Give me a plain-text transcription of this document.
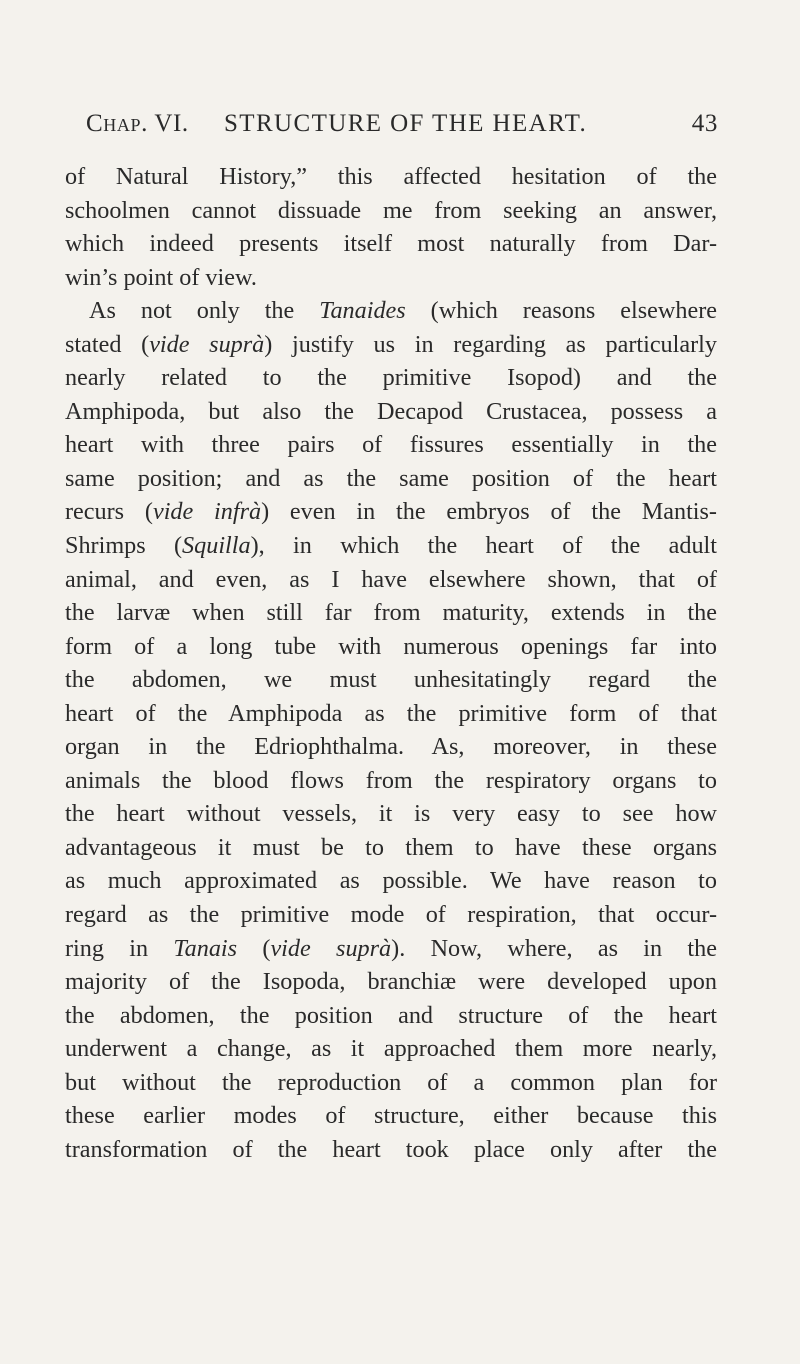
Chap. VI. STRUCTURE OF THE HEART.	43
of Natural History,” this affected hesitation of the
schoolmen cannot dissuade me from seeking an answer,
which indeed presents itself most naturally from Dar-
win’s point of view.
As not only the Tanaides (which reasons elsewhere
stated (vide suprà) justify us in regarding as particularly
nearly related to the primitive Isopod) and the
Amphipoda, but also the Decapod Crustacea, possess a
heart with three pairs of fissures essentially in the
same position; and as the same position of the heart
recurs (vide infrà) even in the embryos of the Mantis-
Shrimps (Squilla), in which the heart of the adult
animal, and even, as I have elsewhere shown, that of
the larvæ when still far from maturity, extends in the
form of a long tube with numerous openings far into
the abdomen, we must unhesitatingly regard the
heart of the Amphipoda as the primitive form of that
organ in the Edriophthalma. As, moreover, in these
animals the blood flows from the respiratory organs to
the heart without vessels, it is very easy to see how
advantageous it must be to them to have these organs
as much approximated as possible. We have reason to
regard as the primitive mode of respiration, that occur-
ring in Tanais (vide suprà). Now, where, as in the
majority of the Isopoda, branchiæ were developed upon
the abdomen, the position and structure of the heart
underwent a change, as it approached them more nearly,
but without the reproduction of a common plan for
these earlier modes of structure, either because this
transformation of the heart took place only after the
